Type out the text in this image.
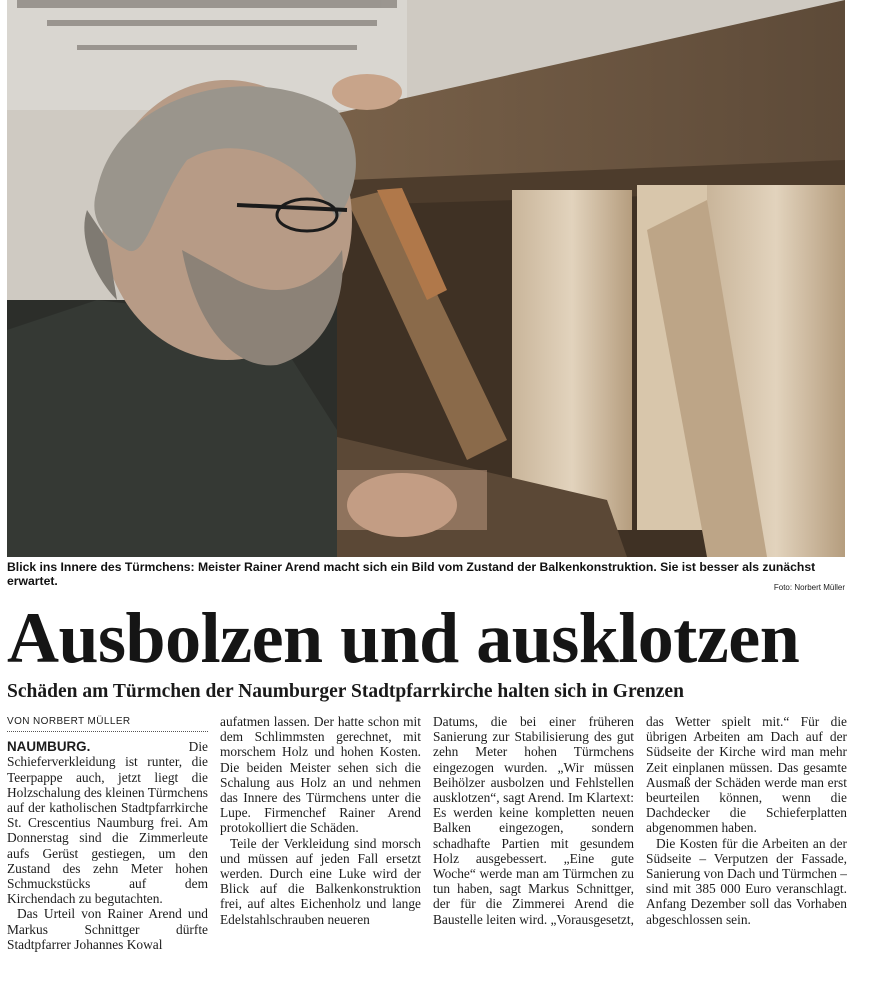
Blick ins Innere des Türmchens: Meister Rainer Arend macht sich ein Bild vom Zustand der Balkenkonstruktion. Sie ist besser als zunächst erwartet.	Foto: Norbert Müller
Ausbolzen und ausklotzen
Schäden am Türmchen der Naumburger Stadtpfarrkirche halten sich in Grenzen
VON NORBERT MÜLLER

NAUMBURG.	Die Schieferverkleidung ist runter, die Teerpappe auch, jetzt liegt die Holzschalung des kleinen Türmchens auf der katholischen Stadtpfarrkirche St. Crescentius Naumburg frei. Am Donnerstag sind die Zimmerleute aufs Gerüst gestiegen, um den Zustand des zehn Meter hohen Schmuckstücks auf dem Kirchendach zu begutachten.

Das Urteil von Rainer Arend und Markus Schnittger dürfte Stadtpfarrer Johannes Kowal

aufatmen lassen. Der hatte schon mit dem Schlimmsten gerechnet, mit morschem Holz und hohen Kosten. Die beiden Meister sehen sich die Schalung aus Holz an und nehmen das Innere des Türmchens unter die Lupe. Firmenchef Rainer Arend protokolliert die Schäden.

Teile der Verkleidung sind morsch und müssen auf jeden Fall ersetzt werden. Durch eine Luke wird der Blick auf die Balkenkonstruktion frei, auf altes Eichenholz und lange Edelstahlschrauben neueren

Datums, die bei einer früheren Sanierung zur Stabilisierung des gut zehn Meter hohen Türmchens eingezogen wurden. „Wir müssen Beihölzer ausbolzen und Fehlstellen ausklotzen“, sagt Arend. Im Klartext: Es werden keine kompletten neuen Balken eingezogen, sondern schadhafte Partien mit gesundem Holz ausgebessert. „Eine gute Woche“ werde man am Türmchen zu tun haben, sagt Markus Schnittger, der für die Zimmerei Arend die Baustelle leiten wird. „Vorausgesetzt,

das Wetter spielt mit.“ Für die übrigen Arbeiten am Dach auf der Südseite der Kirche wird man mehr Zeit einplanen müssen. Das gesamte Ausmaß der Schäden werde man erst beurteilen können, wenn die Dachdecker die Schieferplatten abgenommen haben.

Die Kosten für die Arbeiten an der Südseite – Verputzen der Fassade, Sanierung von Dach und Türmchen – sind mit 385 000 Euro veranschlagt. Anfang Dezember soll das Vorhaben abgeschlossen sein.
